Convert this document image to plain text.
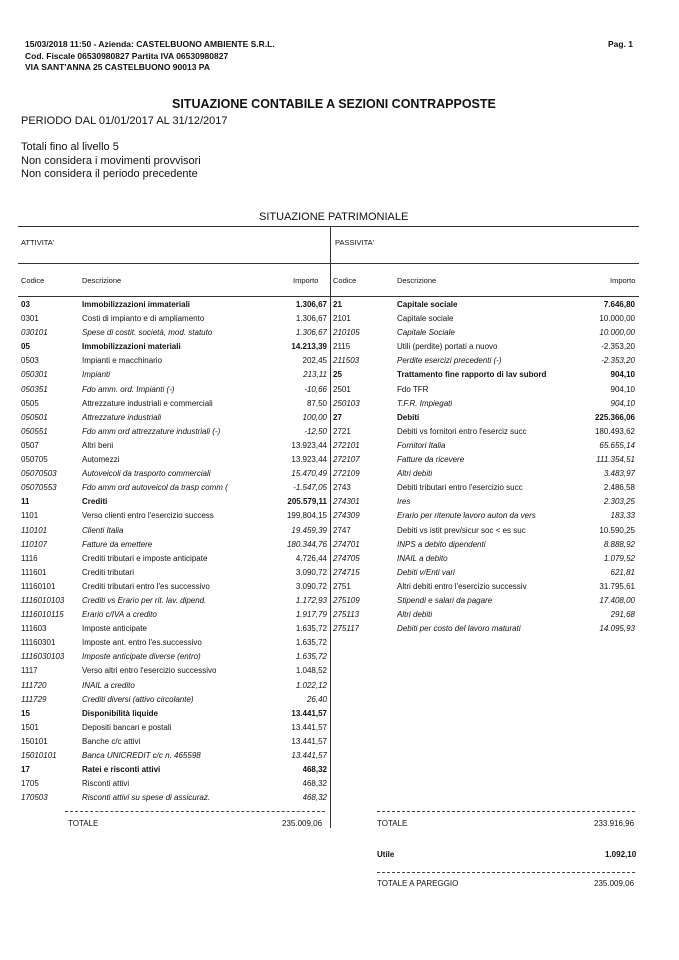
15/03/2018 11:50 - Azienda: CASTELBUONO AMBIENTE S.R.L.
Cod. Fiscale 06530980827 Partita IVA 06530980827
VIA SANT'ANNA 25 CASTELBUONO 90013 PA
Pag. 1
SITUAZIONE CONTABILE A SEZIONI CONTRAPPOSTE
PERIODO DAL 01/01/2017 AL 31/12/2017
Totali fino al livello 5
Non considera i movimenti provvisori
Non considera il periodo precedente
SITUAZIONE PATRIMONIALE
ATTIVITA'	PASSIVITA'
Codice	Descrizione	Importo Codice	Descrizione	Importo
03	Immobilizzazioni immateriali	1.306,67
0301	Costi di impianto e di ampliamento	1.306,67
030101	Spese di costit. società, mod. statuto	1.306,67
05	Immobilizzazioni materiali	14.213,39
0503	Impianti e macchinario	202,45
050301	Impianti	213,11
050351	Fdo amm. ord. Impianti (-)	-10,66
0505	Attrezzature industriali e commerciali	87,50
050501	Attrezzature industriali	100,00
050551	Fdo amm ord attrezzature industriali (-)	-12,50
0507	Altri beni	13.923,44
050705	Automezzi	13.923,44
05070503	Autoveicoli da trasporto commerciali	15.470,49
05070553	Fdo amm ord autoveicol da trasp comm (	-1.547,05
11	Crediti	205.579,11
1101	Verso clienti entro l'esercizio success	199.804,15
110101	Clienti Italia	19.459,39
110107	Fatture da emettere	180.344,76
1116	Crediti tributari e imposte anticipate	4.726,44
111601	Crediti tributari	3.090,72
11160101	Crediti tributari entro l'es successivo	3.090,72
1116010103 Crediti vs Erario per rit. lav. dipend.	1.172,93
1116010115 Erario c/IVA a credito	1.917,79
111603	Imposte anticipate	1.635,72
11160301	Imposte ant. entro l'es.successivo	1.635,72
1116030103 Imposte anticipate diverse (entro)	1.635,72
1117	Verso altri entro l'esercizio successivo	1.048,52
111720	INAIL a credito	1.022,12
111729	Crediti diversi (attivo circolante)	26,40
15	Disponibilità liquide	13.441,57
1501	Depositi bancari e postali	13.441,57
150101	Banche c/c attivi	13.441,57
15010101	Banca UNICREDIT c/c n. 465598	13.441,57
17	Ratei e risconti attivi	468,32
1705	Risconti attivi	468,32
170503	Risconti attivi su spese di assicuraz.	468,32
21	Capitale sociale	7.646,80
2101	Capitale sociale	10.000,00
210105	Capitale Sociale	10.000,00
2115	Utili (perdite) portati a nuovo	-2.353,20
211503	Perdite esercizi precedenti (-)	-2.353,20
25	Trattamento fine rapporto di lav subord	904,10
2501	Fdo TFR	904,10
250103	T.F.R. Impiegati	904,10
27	Debiti	225.366,06
2721	Debiti vs fornitori entro l'eserciz succ	180.493,62
272101	Fornitori Italia	65.655,14
272107	Fatture da ricevere	111.354,51
272109	Altri debiti	3.483,97
2743	Debiti tributari entro l'esercizio succ	2.486,58
274301	Ires	2.303,25
274309	Erario per ritenute lavoro auton da vers	183,33
2747	Debiti vs istit prev/sicur soc < es suc	10.590,25
274701	INPS a debito dipendenti	8.888,92
274705	INAIL a debito	1.079,52
274715	Debiti v/Enti vari	621,81
2751	Altri debiti entro l'esercizio successiv	31.795,61
275109	Stipendi e salari da pagare	17.408,00
275113	Altri debiti	291,68
275117	Debiti per costo del lavoro maturati	14.095,93
TOTALE	235.009,06	TOTALE	233.916,96
Utile	1.092,10
TOTALE A PAREGGIO	235.009,06
